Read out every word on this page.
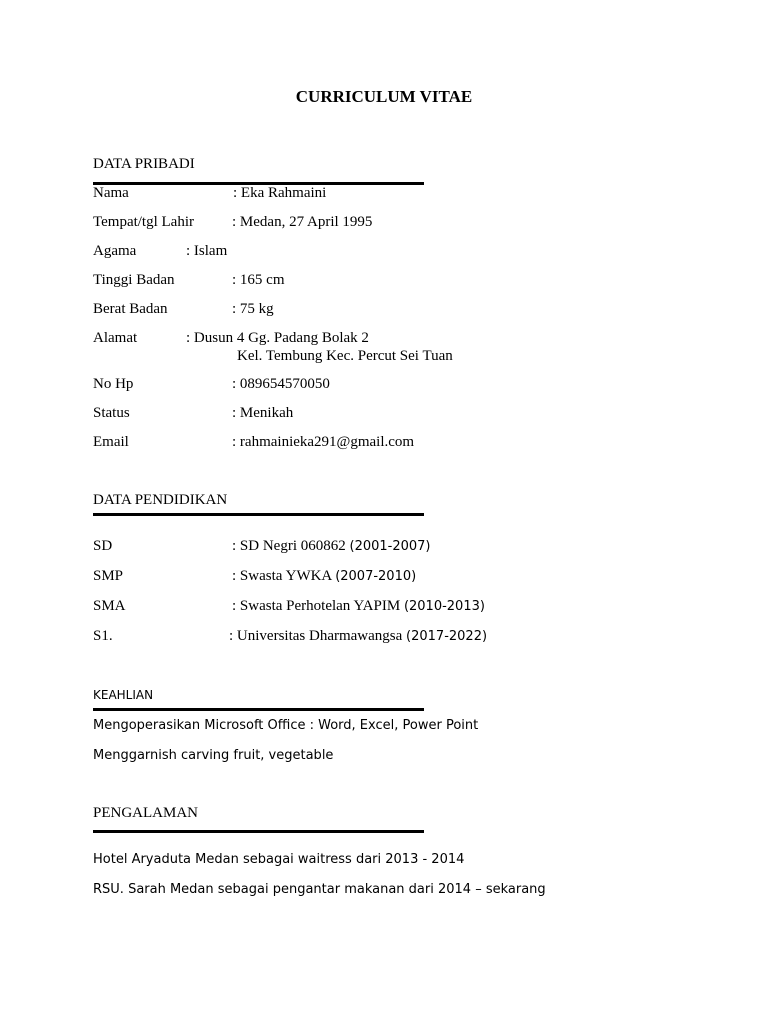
CURRICULUM VITAE
DATA PRIBADI
Nama	: Eka Rahmaini
Tempat/tgl Lahir	: Medan, 27 April 1995
Agama	: Islam
Tinggi Badan	: 165 cm
Berat Badan	: 75 kg
Alamat	: Dusun 4 Gg. Padang Bolak 2
Kel. Tembung Kec. Percut Sei Tuan
No Hp	: 089654570050
Status	: Menikah
Email	: rahmainieka291@gmail.com
DATA PENDIDIKAN
SD	: SD Negri 060862 (2001-2007)
SMP	: Swasta YWKA (2007-2010)
SMA	: Swasta Perhotelan YAPIM (2010-2013)
S1.	: Universitas Dharmawangsa (2017-2022)
KEAHLIAN
Mengoperasikan Microsoft Office : Word, Excel, Power Point
Menggarnish carving fruit, vegetable
PENGALAMAN
Hotel Aryaduta Medan sebagai waitress dari 2013 - 2014
RSU. Sarah Medan sebagai pengantar makanan dari 2014 – sekarang
